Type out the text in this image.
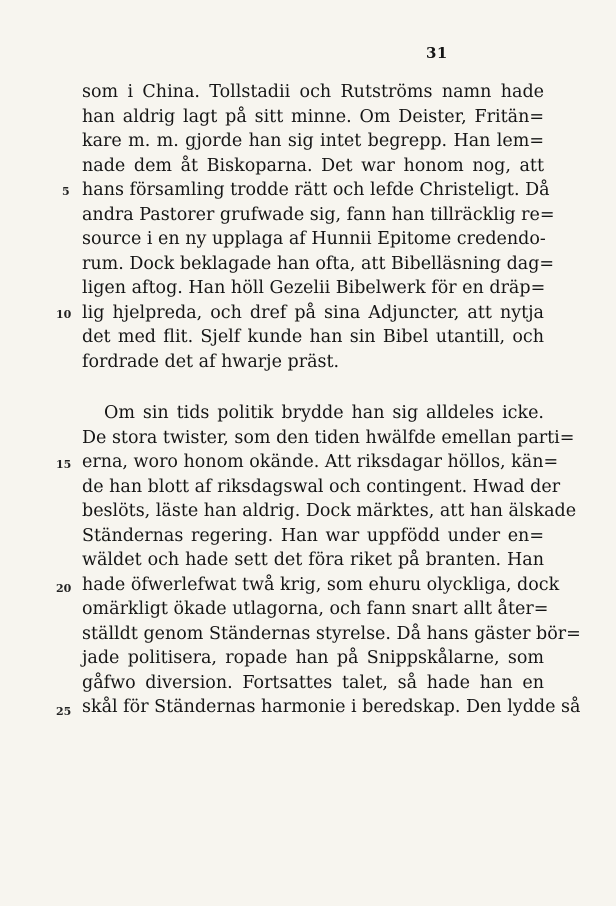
31
5
10
15
20
25
som i China. Tollstadii och Rutströms namn hade
han aldrig lagt på sitt minne. Om Deister, Fritän=
kare m. m. gjorde han sig intet begrepp. Han lem=
nade dem åt Biskoparna. Det war honom nog, att
hans församling trodde rätt och lefde Christeligt. Då
andra Pastorer grufwade sig, fann han tillräcklig re=
source i en ny upplaga af Hunnii Epitome credendo-
rum. Dock beklagade han ofta, att Bibelläsning dag=
ligen aftog. Han höll Gezelii Bibelwerk för en dräp=
lig hjelpreda, och dref på sina Adjuncter, att nytja
det med flit. Sjelf kunde han sin Bibel utantill, och
fordrade det af hwarje präst.
Om sin tids politik brydde han sig alldeles icke.
De stora twister, som den tiden hwälfde emellan parti=
erna, woro honom okände. Att riksdagar höllos, kän=
de han blott af riksdagswal och contingent. Hwad der
beslöts, läste han aldrig. Dock märktes, att han älskade
Ständernas regering. Han war uppfödd under en=
wäldet och hade sett det föra riket på branten. Han
hade öfwerlefwat twå krig, som ehuru olyckliga, dock
omärkligt ökade utlagorna, och fann snart allt åter=
ställdt genom Ständernas styrelse. Då hans gäster bör=
jade politisera, ropade han på Snippskålarne, som
gåfwo diversion. Fortsattes talet, så hade han en
skål för Ständernas harmonie i beredskap. Den lydde så
